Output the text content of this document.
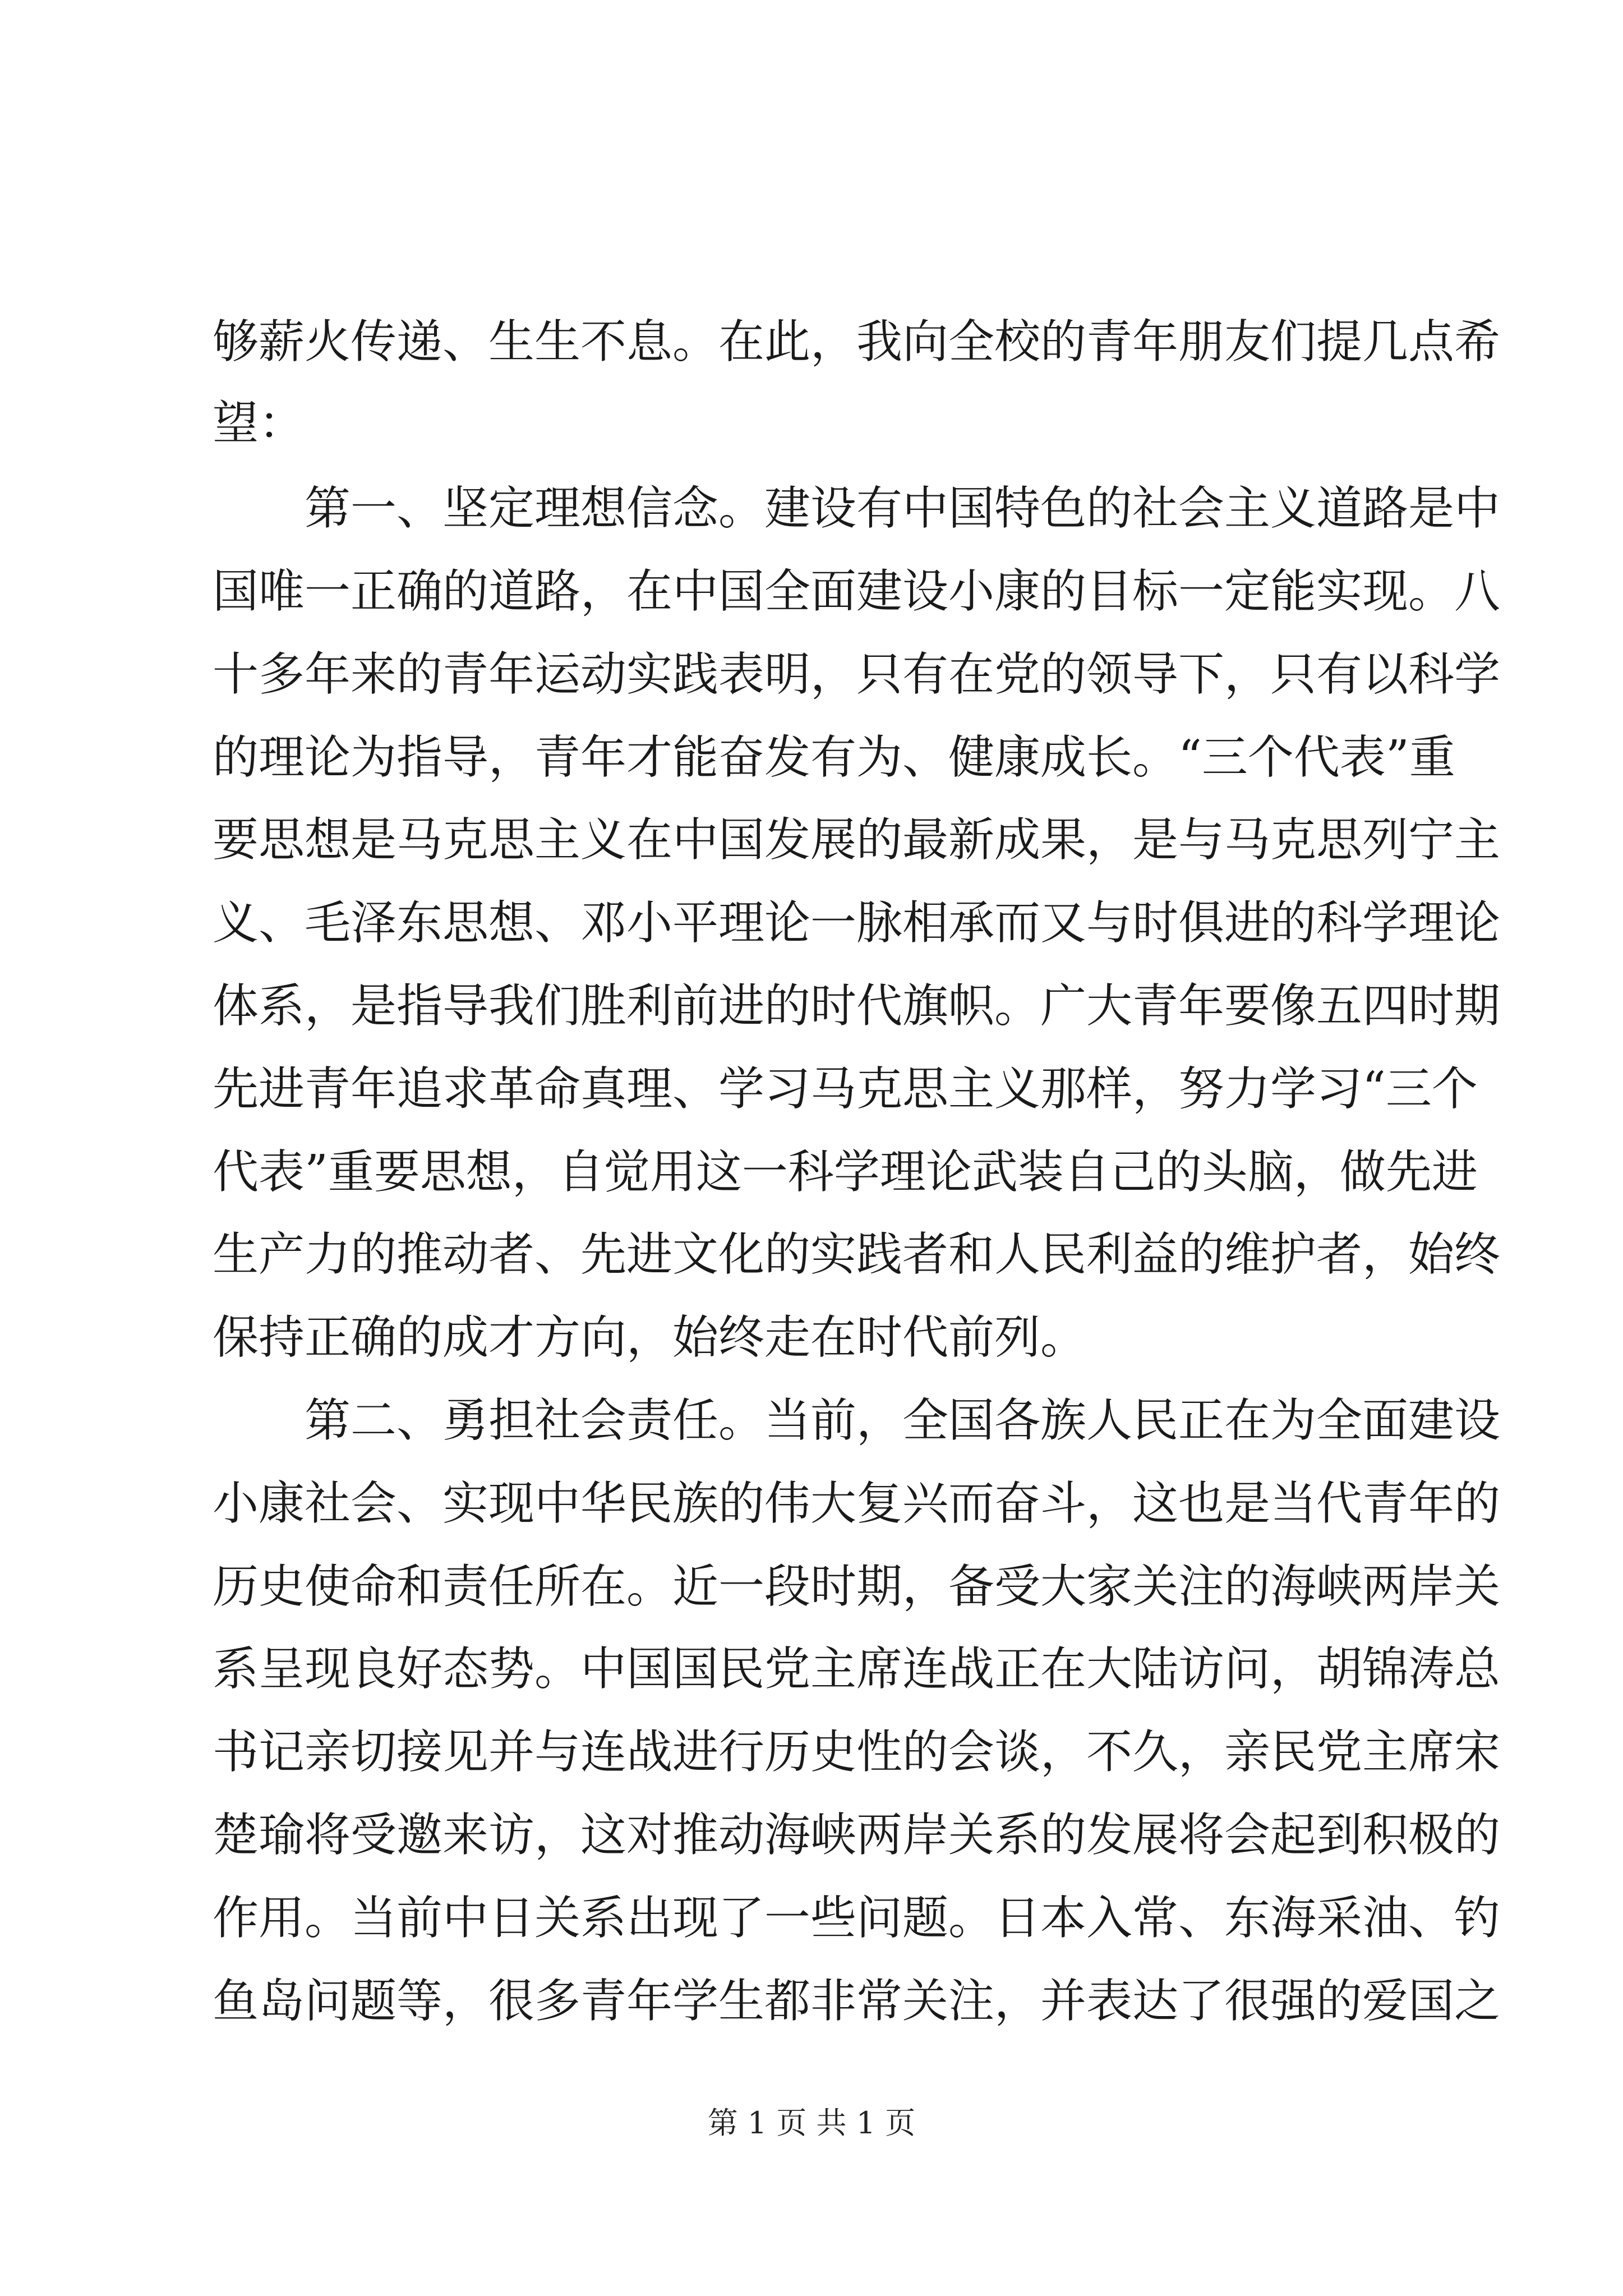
够薪火传递、生生不息。在此，我向全校的青年朋友们提几点希
望：
第一、坚定理想信念。建设有中国特色的社会主义道路是中
国唯一正确的道路，在中国全面建设小康的目标一定能实现。八
十多年来的青年运动实践表明，只有在党的领导下，只有以科学
的理论为指导，青年才能奋发有为、健康成长。“三个代表”重
要思想是马克思主义在中国发展的最新成果，是与马克思列宁主
义、毛泽东思想、邓小平理论一脉相承而又与时俱进的科学理论
体系，是指导我们胜利前进的时代旗帜。广大青年要像五四时期
先进青年追求革命真理、学习马克思主义那样，努力学习“三个
代表”重要思想，自觉用这一科学理论武装自己的头脑，做先进
生产力的推动者、先进文化的实践者和人民利益的维护者，始终
保持正确的成才方向，始终走在时代前列。
第二、勇担社会责任。当前，全国各族人民正在为全面建设
小康社会、实现中华民族的伟大复兴而奋斗，这也是当代青年的
历史使命和责任所在。近一段时期，备受大家关注的海峡两岸关
系呈现良好态势。中国国民党主席连战正在大陆访问，胡锦涛总
书记亲切接见并与连战进行历史性的会谈，不久，亲民党主席宋
楚瑜将受邀来访，这对推动海峡两岸关系的发展将会起到积极的
作用。当前中日关系出现了一些问题。日本入常、东海采油、钓
鱼岛问题等，很多青年学生都非常关注，并表达了很强的爱国之
第 1 页 共 1 页
